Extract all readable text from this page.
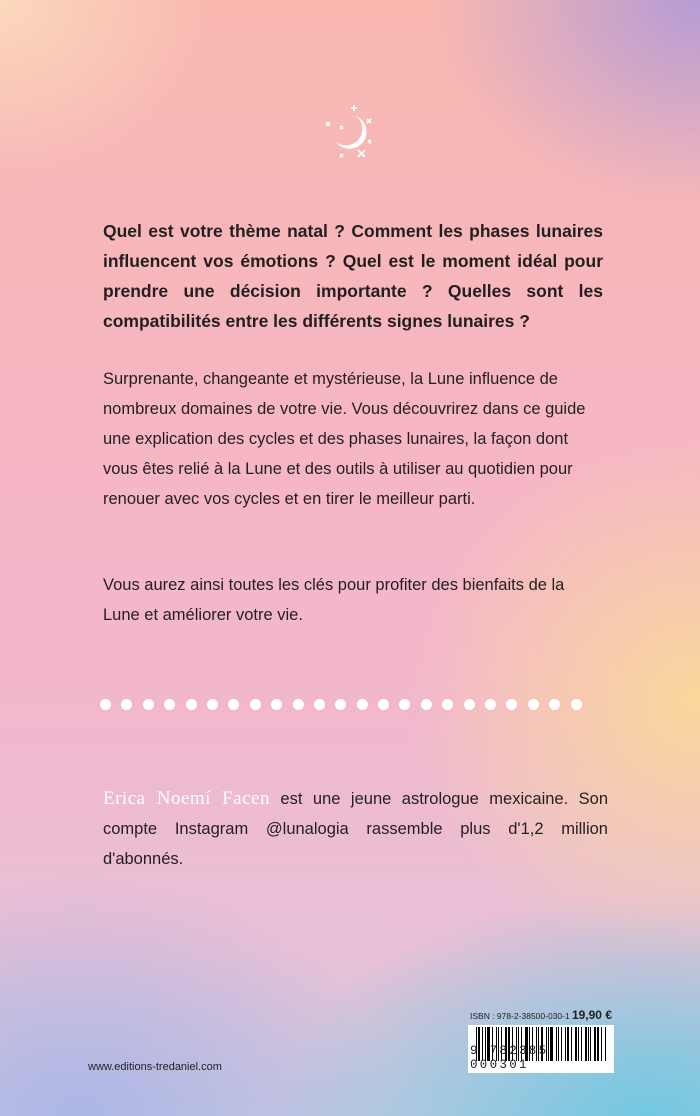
Quel est votre thème natal ? Comment les phases lunaires influencent vos émotions ? Quel est le moment idéal pour prendre une décision importante ? Quelles sont les compatibilités entre les différents signes lunaires ?

Surprenante, changeante et mystérieuse, la Lune influence de nombreux domaines de votre vie. Vous découvrirez dans ce guide une explication des cycles et des phases lunaires, la façon dont vous êtes relié à la Lune et des outils à utiliser au quotidien pour renouer avec vos cycles et en tirer le meilleur parti.

Vous aurez ainsi toutes les clés pour profiter des bienfaits de la Lune et améliorer votre vie.

Erica Noemí Facen est une jeune astrologue mexicaine. Son compte Instagram @lunalogia rassemble plus d'1,2 million d'abonnés.

www.editions-tredaniel.com
ISBN : 978-2-38500-030-1 19,90 €
9 782385 000301
